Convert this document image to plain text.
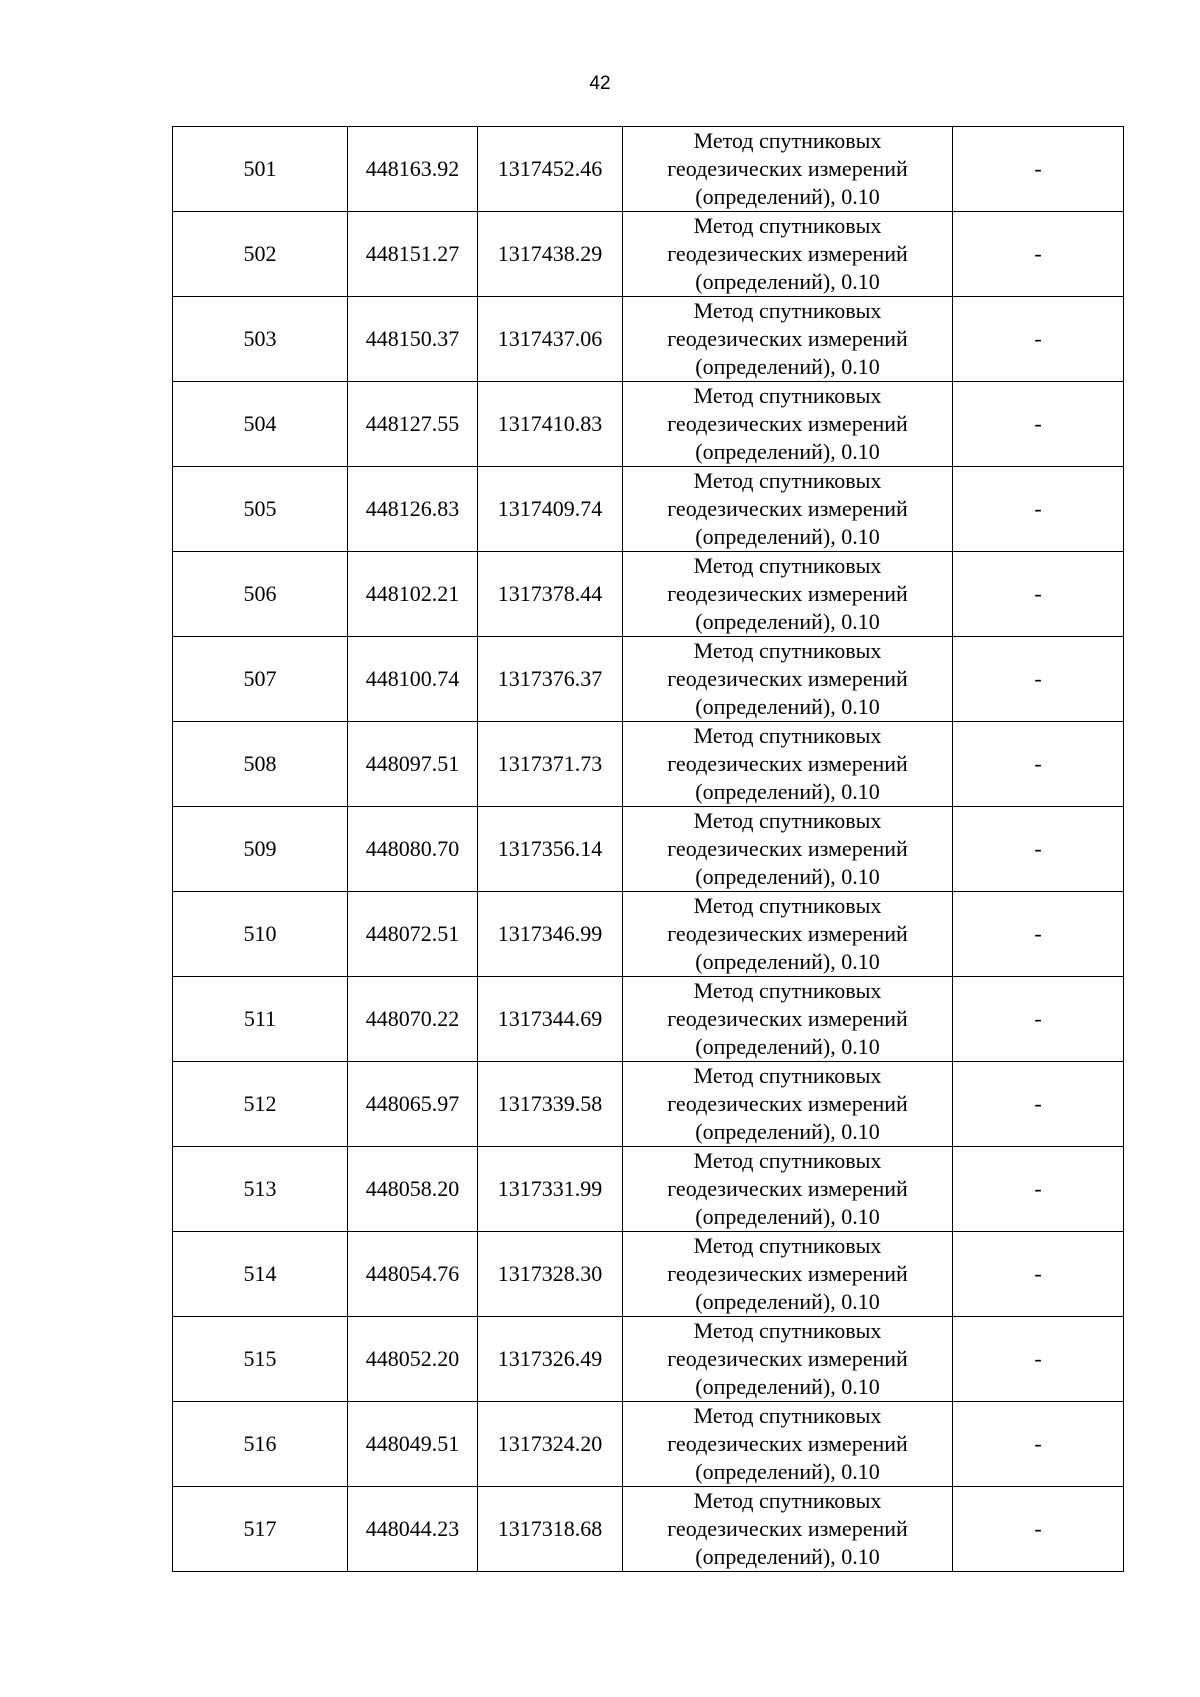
42
501	448163.92	1317452.46	Метод спутниковых
геодезических измерений
(определений), 0.10	-
502	448151.27	1317438.29	Метод спутниковых
геодезических измерений
(определений), 0.10	-
503	448150.37	1317437.06	Метод спутниковых
геодезических измерений
(определений), 0.10	-
504	448127.55	1317410.83	Метод спутниковых
геодезических измерений
(определений), 0.10	-
505	448126.83	1317409.74	Метод спутниковых
геодезических измерений
(определений), 0.10	-
506	448102.21	1317378.44	Метод спутниковых
геодезических измерений
(определений), 0.10	-
507	448100.74	1317376.37	Метод спутниковых
геодезических измерений
(определений), 0.10	-
508	448097.51	1317371.73	Метод спутниковых
геодезических измерений
(определений), 0.10	-
509	448080.70	1317356.14	Метод спутниковых
геодезических измерений
(определений), 0.10	-
510	448072.51	1317346.99	Метод спутниковых
геодезических измерений
(определений), 0.10	-
511	448070.22	1317344.69	Метод спутниковых
геодезических измерений
(определений), 0.10	-
512	448065.97	1317339.58	Метод спутниковых
геодезических измерений
(определений), 0.10	-
513	448058.20	1317331.99	Метод спутниковых
геодезических измерений
(определений), 0.10	-
514	448054.76	1317328.30	Метод спутниковых
геодезических измерений
(определений), 0.10	-
515	448052.20	1317326.49	Метод спутниковых
геодезических измерений
(определений), 0.10	-
516	448049.51	1317324.20	Метод спутниковых
геодезических измерений
(определений), 0.10	-
517	448044.23	1317318.68	Метод спутниковых
геодезических измерений
(определений), 0.10	-
